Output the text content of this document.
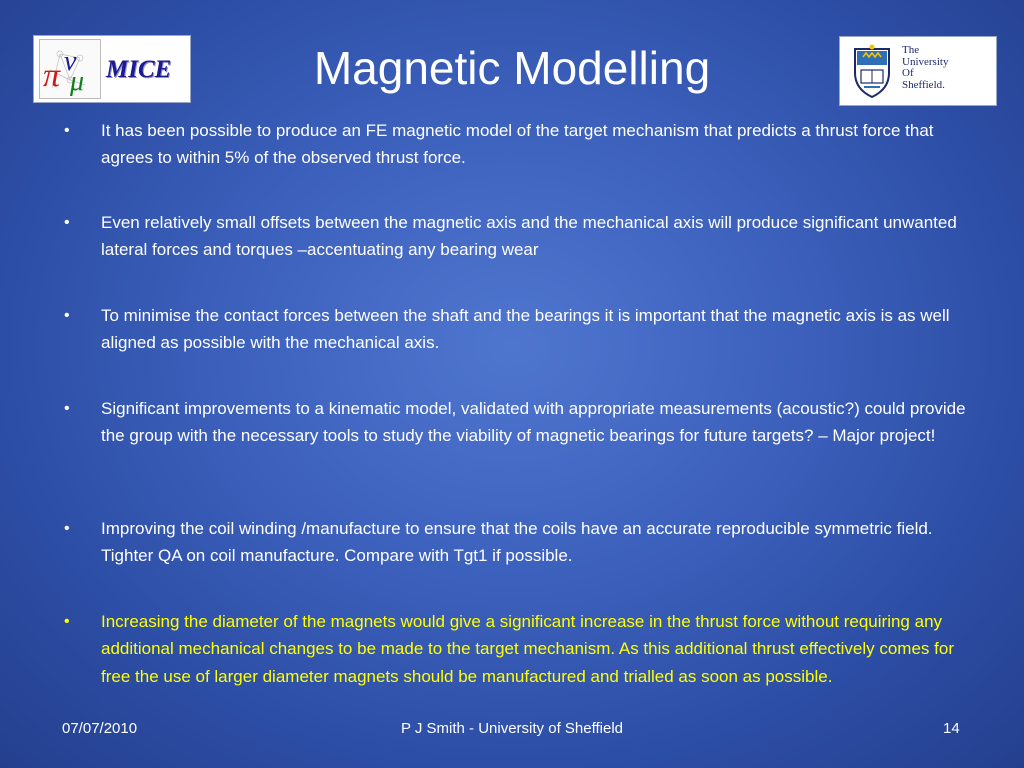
π ν
μ MICE	Magnetic Modelling	The
University
Of
Sheffield.
• It has been possible to produce an FE magnetic model of the target mechanism that predicts a thrust force that agrees to within 5% of the observed thrust force.
• Even relatively small offsets between the magnetic axis and the mechanical axis will produce significant unwanted lateral forces and torques –accentuating any bearing wear
• To minimise the contact forces between the shaft and the bearings it is important that the magnetic axis is as well aligned as possible with the mechanical axis.
• Significant improvements to a kinematic model, validated with appropriate measurements (acoustic?) could provide the group with the necessary tools to study the viability of magnetic bearings for future targets? – Major project!
• Improving the coil winding /manufacture to ensure that the coils have an accurate reproducible symmetric field. Tighter QA on coil manufacture. Compare with Tgt1 if possible.
• Increasing the diameter of the magnets would give a significant increase in the thrust force without requiring any additional mechanical changes to be made to the target mechanism. As this additional thrust effectively comes for free the use of larger diameter magnets should be manufactured and trialled as soon as possible.
07/07/2010	P J Smith - University of Sheffield	14
